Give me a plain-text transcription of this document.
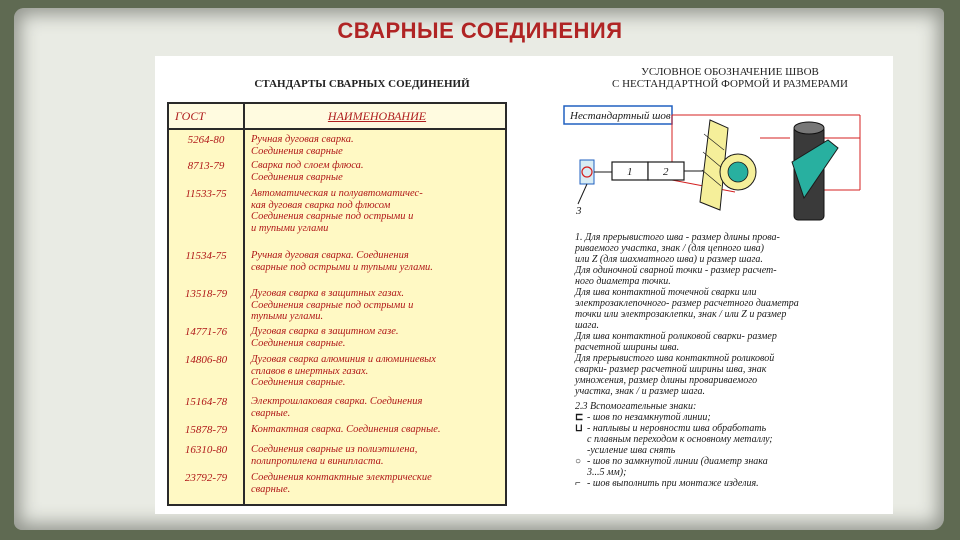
СВАРНЫЕ СОЕДИНЕНИЯ
СТАНДАРТЫ СВАРНЫХ СОЕДИНЕНИЙ
ГОСТ	НАИМЕНОВАНИЕ
5264-80	Ручная дуговая сварка.
Соединения сварные
8713-79	Сварка под слоем флюса.
Соединения сварные
11533-75	Автоматическая и полуавтоматичес-
кая дуговая сварка под флюсом
Соединения сварные под острыми и
и тупыми углами
11534-75	Ручная дуговая сварка. Соединения
сварные под острыми и тупыми углами.
13518-79	Дуговая сварка в защитных газах.
Соединения сварные под острыми и
тупыми углами.
14771-76	Дуговая сварка в защитном газе.
Соединения сварные.
14806-80	Дуговая сварка алюминия и алюминиевых
сплавов в инертных газах.
Соединения сварные.
15164-78	Электрошлаковая сварка. Соединения
сварные.
15878-79	Контактная сварка. Соединения сварные.
16310-80	Соединения сварные из полиэтилена,
полипропилена и винипласта.
23792-79	Соединения контактные электрические
сварные.
УСЛОВНОЕ ОБОЗНАЧЕНИЕ ШВОВ
С НЕСТАНДАРТНОЙ ФОРМОЙ И РАЗМЕРАМИ
Нестандартный шов
1	2
3
1. Для прерывистого шва - размер длины прова-
риваемого участка, знак / (для цепного шва)
или Z (для шахматного шва) и размер шага.
Для одиночной сварной точки - размер расчет-
ного диаметра точки.
Для шва контактной точечной сварки или
электрозаклепочного- размер расчетного диаметра
точки или электрозаклепки, знак / или Z и размер
шага.
Для шва контактной роликовой сварки- размер
расчетной ширины шва.
Для прерывистого шва контактной роликовой
сварки- размер расчетной ширины шва, знак
умножения, размер длины провариваемого
участка, знак / и размер шага.
2.3 Вспомогательные знаки:
⊏ - шов по незамкнутой линии;
⊔ - наплывы и неровности шва обработать
с плавным переходом к основному металлу;
-усиление шва снять
○ - шов по замкнутой линии (диаметр знака
3...5 мм);
⌐ - шов выполнить при монтаже изделия.
